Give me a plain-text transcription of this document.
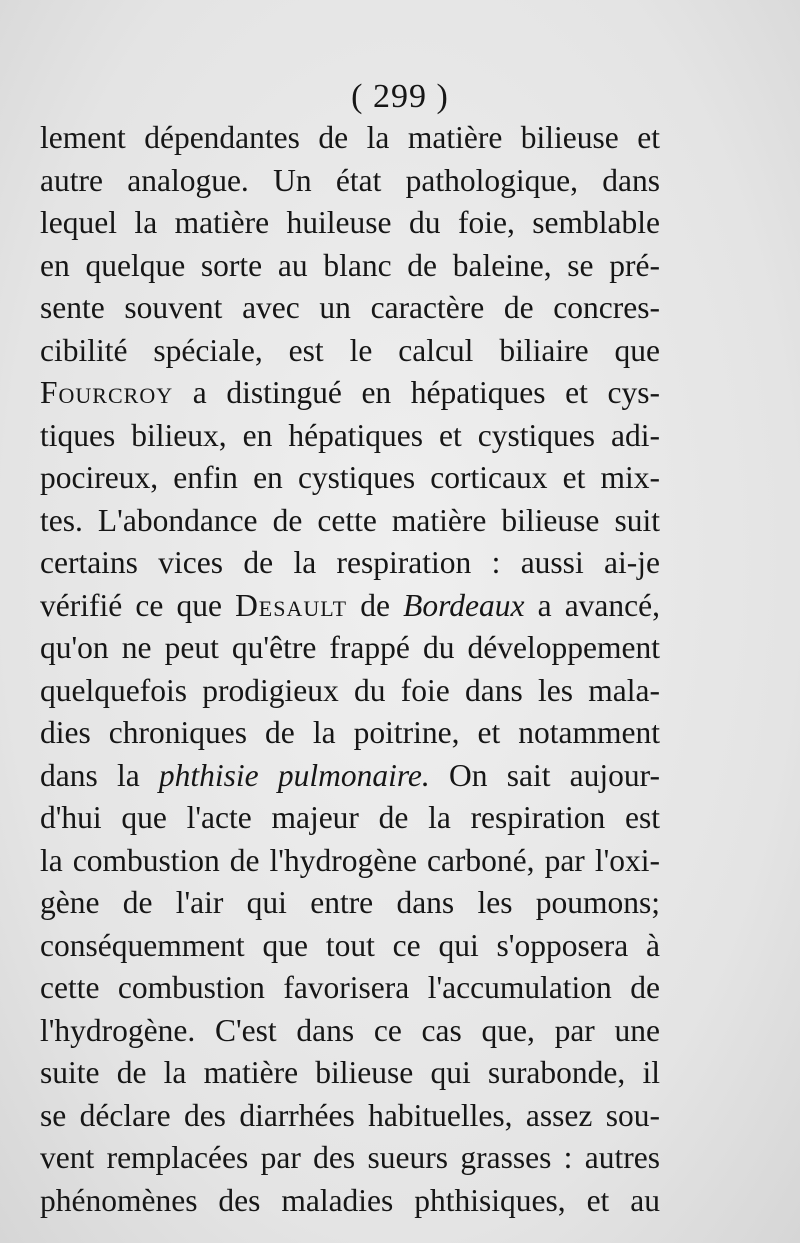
( 299 )
lement dépendantes de la matière bilieuse et
autre analogue. Un état pathologique, dans
lequel la matière huileuse du foie, semblable
en quelque sorte au blanc de baleine, se pré-
sente souvent avec un caractère de concres-
cibilité spéciale, est le calcul biliaire que
Fourcroy a distingué en hépatiques et cys-
tiques bilieux, en hépatiques et cystiques adi-
pocireux, enfin en cystiques corticaux et mix-
tes. L'abondance de cette matière bilieuse suit
certains vices de la respiration : aussi ai-je
vérifié ce que Desault de Bordeaux a avancé,
qu'on ne peut qu'être frappé du développement
quelquefois prodigieux du foie dans les mala-
dies chroniques de la poitrine, et notamment
dans la phthisie pulmonaire. On sait aujour-
d'hui que l'acte majeur de la respiration est
la combustion de l'hydrogène carboné, par l'oxi-
gène de l'air qui entre dans les poumons;
conséquemment que tout ce qui s'opposera à
cette combustion favorisera l'accumulation de
l'hydrogène. C'est dans ce cas que, par une
suite de la matière bilieuse qui surabonde, il
se déclare des diarrhées habituelles, assez sou-
vent remplacées par des sueurs grasses : autres
phénomènes des maladies phthisiques, et au
